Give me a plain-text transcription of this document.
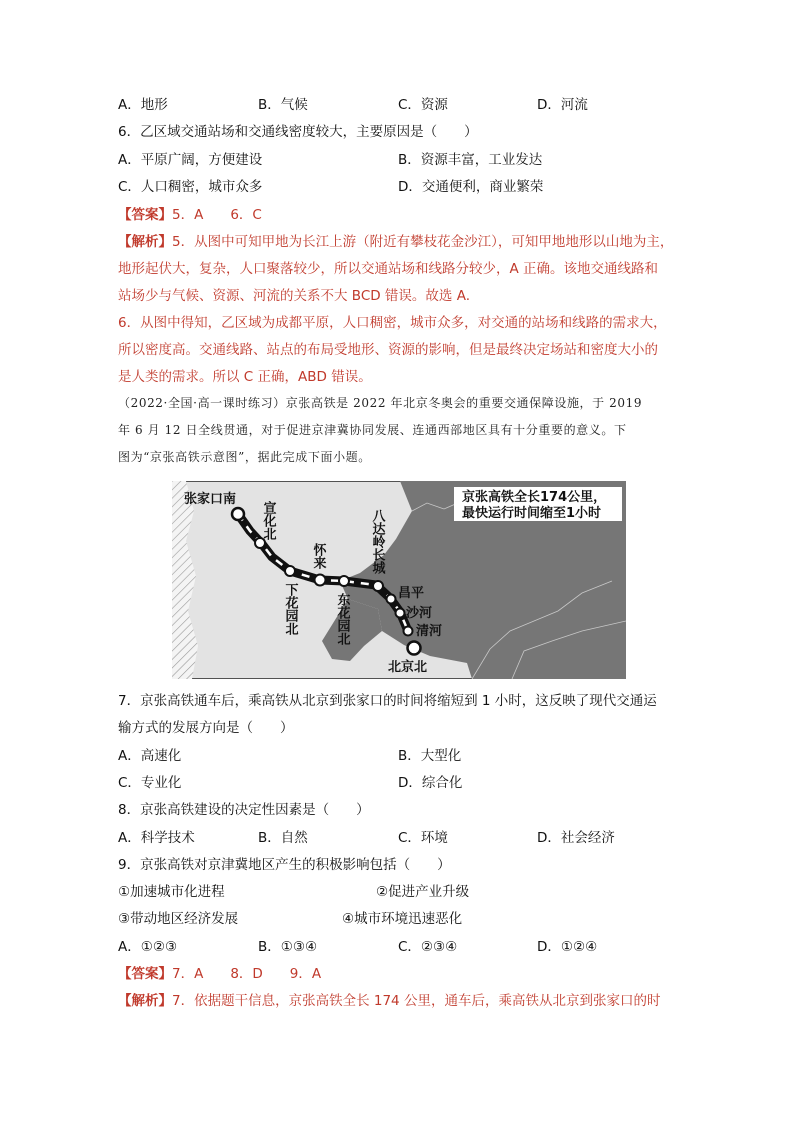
A．地形	B．气候	C．资源	D．河流
6．乙区域交通站场和交通线密度较大，主要原因是（　　）
A．平原广阔，方便建设	B．资源丰富，工业发达
C．人口稠密，城市众多	D．交通便利，商业繁荣
【答案】5．A　　6．C
【解析】5．从图中可知甲地为长江上游（附近有攀枝花金沙江），可知甲地地形以山地为主，
地形起伏大，复杂，人口聚落较少，所以交通站场和线路分较少，A 正确。该地交通线路和
站场少与气候、资源、河流的关系不大 BCD 错误。故选 A.
6．从图中得知，乙区域为成都平原，人口稠密，城市众多，对交通的站场和线路的需求大，
所以密度高。交通线路、站点的布局受地形、资源的影响，但是最终决定场站和密度大小的
是人类的需求。所以 C 正确，ABD 错误。
（2022·全国·高一课时练习）京张高铁是 2022 年北京冬奥会的重要交通保障设施，于 2019
年 6 月 12 日全线贯通，对于促进京津冀协同发展、连通西部地区具有十分重要的意义。下
图为“京张高铁示意图”，据此完成下面小题。
京张高铁全长174公里，
最快运行时间缩至1小时
张家口南
宣化北
下花园北
怀来
东花园北
八达岭长城
昌平
沙河
清河
北京北
7．京张高铁通车后，乘高铁从北京到张家口的时间将缩短到 1 小时，这反映了现代交通运
输方式的发展方向是（　　）
A．高速化	B．大型化
C．专业化	D．综合化
8．京张高铁建设的决定性因素是（　　）
A．科学技术	B．自然	C．环境	D．社会经济
9．京张高铁对京津冀地区产生的积极影响包括（　　）
①加速城市化进程	②促进产业升级
③带动地区经济发展	④城市环境迅速恶化
A．①②③	B．①③④	C．②③④	D．①②④
【答案】7．A　　8．D　　9．A
【解析】7．依据题干信息，京张高铁全长 174 公里，通车后，乘高铁从北京到张家口的时
